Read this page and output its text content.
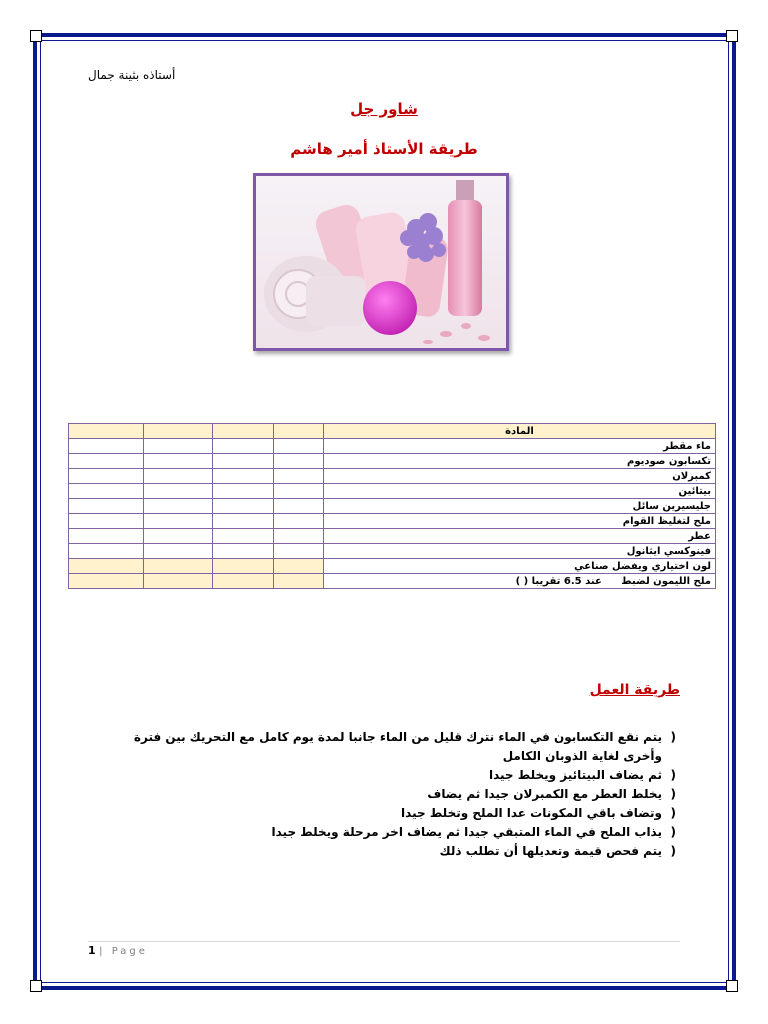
أستاذه بثينة جمال
شاور جل
طريقة الأستاذ أمير هاشم
المادة				
ماء مقطر				
تكسابون صوديوم				
كمبرلان				
بيتائين				
جليسيرين سائل				
ملح لتغليظ القوام				
عطر				
فينوكسي ايثانول				
لون اختياري ويفضل صناعي				
ملح الليمون لضبط عند 6.5 تقريبا ( )				
طريقة العمل
(
يتم نقع التكسابون في الماء نترك قليل من الماء جانبا لمدة يوم كامل مع التحريك بين فترة وأخرى لغاية الذوبان الكامل
(
ثم يضاف البيتائيز ويخلط جيدا
(
يخلط العطر مع الكمبرلان جيدا ثم يضاف
(
وتضاف باقي المكونات عدا الملح وتخلط جيدا
(
يذاب الملح في الماء المتبقي جيدا ثم يضاف اخر مرحلة ويخلط جيدا
(
يتم فحص قيمة وتعديلها أن تطلب ذلك
1 | Page
